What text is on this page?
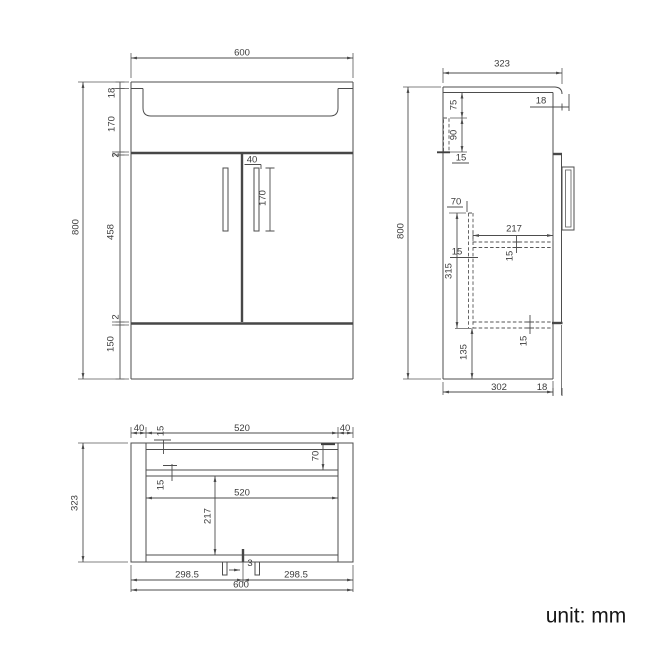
600
18
170
2
458
2
150
800
40
170
323
800
18
75
90
15
70
315
15
217
15
15
135
302	18
40	520	40
15
70
15
520
217
323
3
298.5	298.5
600
unit: mm
